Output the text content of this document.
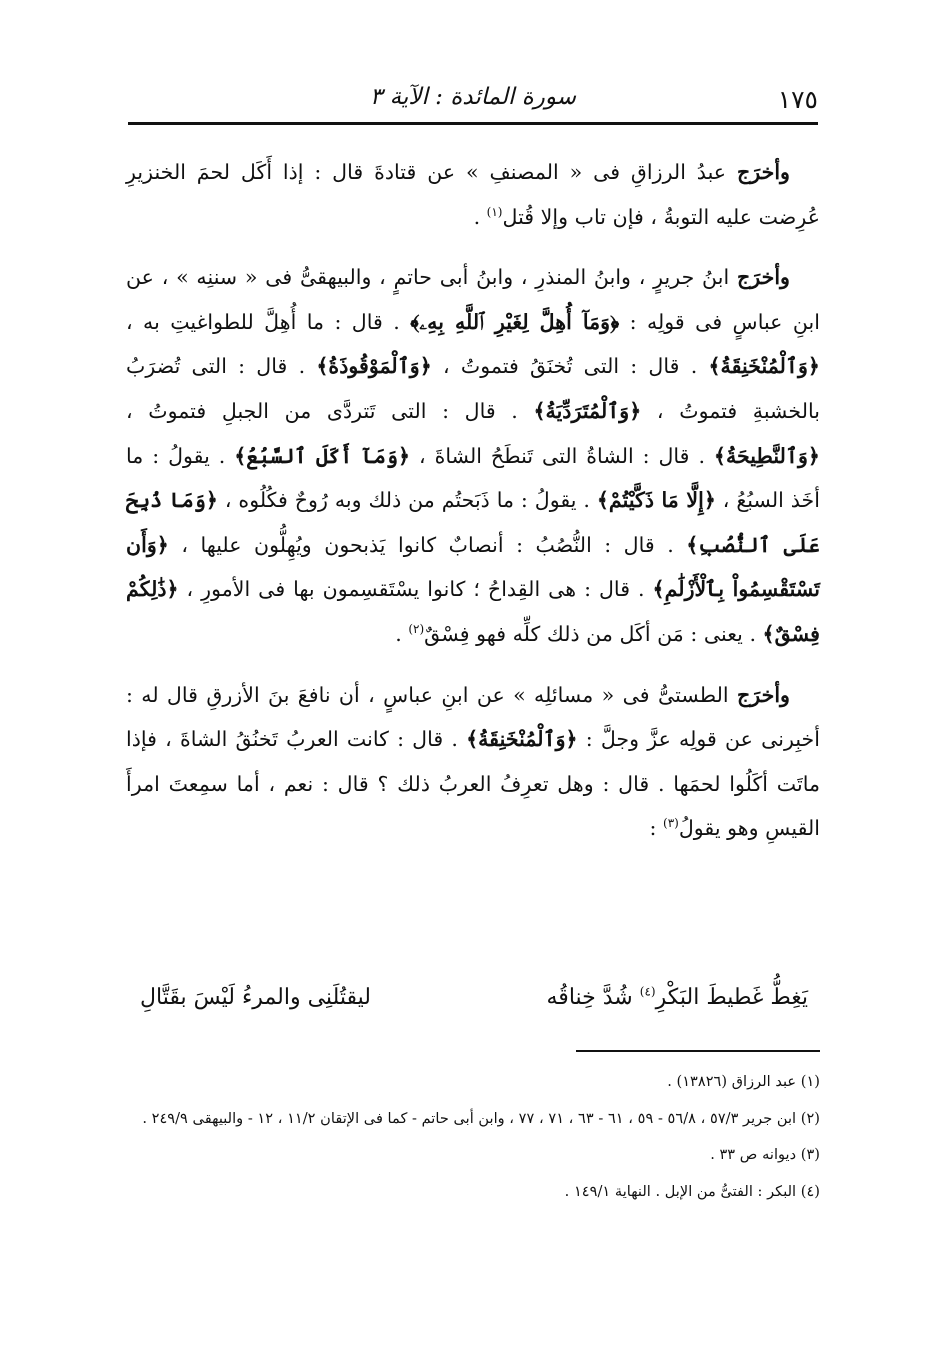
سورة المائدة : الآية ٣	١٧٥

وأخرَج عبدُ الرزاقِ فى « المصنفِ » عن قتادةَ قال : إذا أَكَل لحمَ الخنزيرِ عُرِضت عليه التوبةُ ، فإن تاب وإلا قُتل$^{(١)}$ .

وأخرَج ابنُ جريرٍ ، وابنُ المنذرِ ، وابنُ أبى حاتمٍ ، والبيهقىُّ فى « سننِه » ، عن ابنِ عباسٍ فى قولِه : ﴿وَمَآ أُهِلَّ لِغَيْرِ ٱللَّهِ بِهِۦ﴾ . قال : ما أُهِلَّ للطواغيتِ به ، ﴿وَٱلْمُنْخَنِقَةُ﴾ . قال : التى تُخنَقُ فتموتُ ، ﴿وَٱلْمَوْقُوذَةُ﴾ . قال : التى تُضرَبُ بالخشبةِ فتموتُ ، ﴿وَٱلْمُتَرَدِّيَةُ﴾ . قال : التى تَتردَّى من الجبلِ فتموتُ ، ﴿وَٱلنَّطِيحَةُ﴾ . قال : الشاةُ التى تَنطَحُ الشاةَ ، ﴿وَمَآ أَكَلَ ٱلسَّبُعُ﴾ . يقولُ : ما أخَذ السبُعُ ، ﴿إِلَّا مَا ذَكَّيْتُمْ﴾ . يقولُ : ما ذَبَحتُم من ذلك وبه رُوحٌ فكُلُوه ، ﴿وَمَا ذُبِحَ عَلَى ٱلنُّصُبِ﴾ . قال : النُّصُبُ : أنصابٌ كانوا يَذبحون ويُهِلُّون عليها ، ﴿وَأَن تَسْتَقْسِمُواْ بِٱلْأَزْلَٰمِ﴾ . قال : هى القِداحُ ؛ كانوا يسْتَقسِمون بها فى الأمورِ ، ﴿ذَٰلِكُمْ فِسْقٌ﴾ . يعنى : مَن أكَل من ذلك كلِّه فهو فِسْقٌ$^{(٢)}$ .

وأخرَج الطستىُّ فى « مسائلِه » عن ابنِ عباسٍ ، أن نافعَ بنَ الأزرقِ قال له : أخبِرنى عن قولِه عزَّ وجلَّ : ﴿وَٱلْمُنْخَنِقَةُ﴾ . قال : كانت العربُ تَخنُقُ الشاةَ ، فإذا ماتَت أكَلُوا لحمَها . قال : وهل تعرِفُ العربُ ذلك ؟ قال : نعم ، أما سمِعتَ امرأَ القيسِ وهو يقولُ$^{(٣)}$ :

يَغِطُّ غَطيطَ البَكْرِ$^{(٤)}$ شُدَّ خِناقُه
ليقتُلَنِى والمرءُ لَيْسَ بقَتَّالِ

(١) عبد الرزاق (١٣٨٢٦) .

(٢) ابن جرير ٥٧/٣ ، ٥٦/٨ - ٥٩ ، ٦١ - ٦٣ ، ٧١ ، ٧٧ ، وابن أبى حاتم - كما فى الإتقان ١١/٢ ، ١٢ - والبيهقى ٢٤٩/٩ .

(٣) ديوانه ص ٣٣ .

(٤) البكر : الفتىُّ من الإبل . النهاية ١٤٩/١ .
